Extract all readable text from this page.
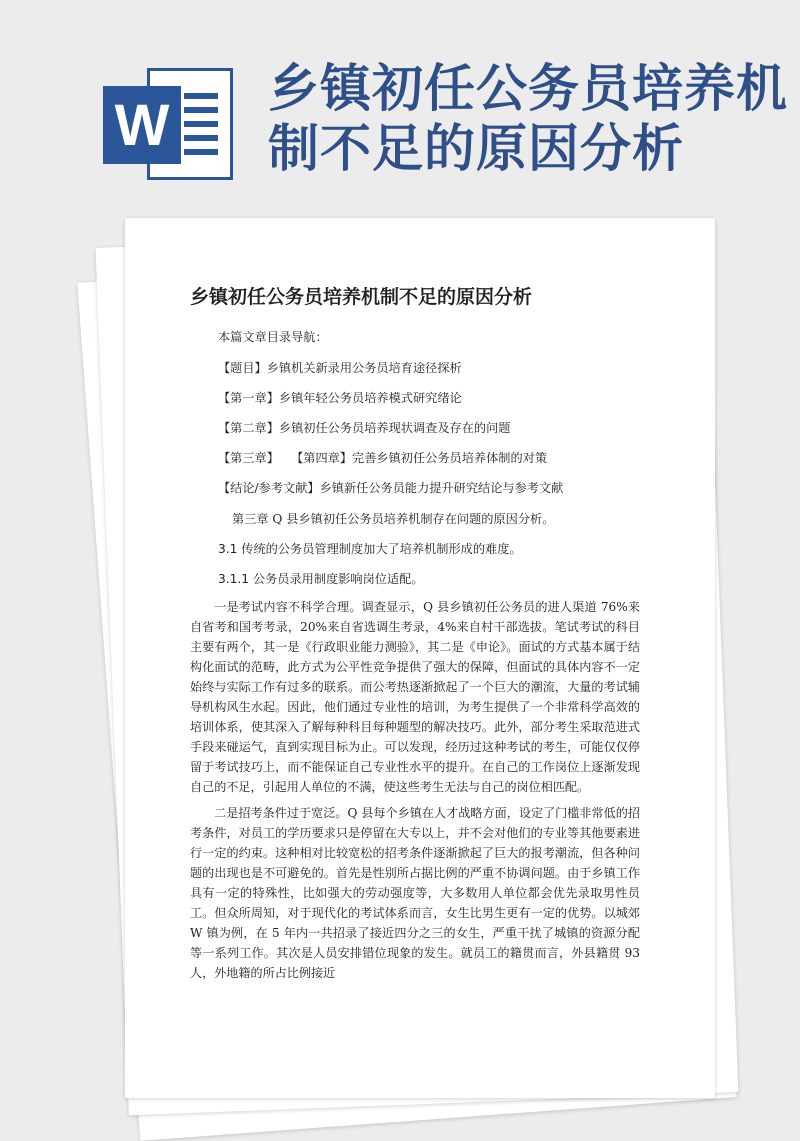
W
乡镇初任公务员培养机制不足的原因分析
乡镇初任公务员培养机制不足的原因分析

本篇文章目录导航：

【题目】乡镇机关新录用公务员培育途径探析

【第一章】乡镇年轻公务员培养模式研究绪论

【第二章】乡镇初任公务员培养现状调查及存在的问题

【第三章】　　【第四章】完善乡镇初任公务员培养体制的对策

【结论/参考文献】乡镇新任公务员能力提升研究结论与参考文献

第三章 Q 县乡镇初任公务员培养机制存在问题的原因分析。

3.1 传统的公务员管理制度加大了培养机制形成的难度。

3.1.1 公务员录用制度影响岗位适配。

一是考试内容不科学合理。调查显示，Q 县乡镇初任公务员的进人渠道 76%来自省考和国考考录，20%来自省选调生考录，4%来自村干部选拔。笔试考试的科目主要有两个，其一是《行政职业能力测验》，其二是《申论》。面试的方式基本属于结构化面试的范畴，此方式为公平性竞争提供了强大的保障，但面试的具体内容不一定始终与实际工作有过多的联系。而公考热逐渐掀起了一个巨大的潮流，大量的考试辅导机构风生水起。因此，他们通过专业性的培训，为考生提供了一个非常科学高效的培训体系，使其深入了解每种科目每种题型的解决技巧。此外，部分考生采取范进式手段来碰运气，直到实现目标为止。可以发现，经历过这种考试的考生，可能仅仅停留于考试技巧上，而不能保证自己专业性水平的提升。在自己的工作岗位上逐渐发现自己的不足，引起用人单位的不满，使这些考生无法与自己的岗位相匹配。

二是招考条件过于宽泛。Q 县每个乡镇在人才战略方面，设定了门槛非常低的招考条件，对员工的学历要求只是停留在大专以上，并不会对他们的专业等其他要素进行一定的约束。这种相对比较宽松的招考条件逐渐掀起了巨大的报考潮流，但各种问题的出现也是不可避免的。首先是性别所占据比例的严重不协调问题。由于乡镇工作具有一定的特殊性，比如强大的劳动强度等，大多数用人单位都会优先录取男性员工。但众所周知，对于现代化的考试体系而言，女生比男生更有一定的优势。以城郊 W 镇为例，在 5 年内一共招录了接近四分之三的女生，严重干扰了城镇的资源分配等一系列工作。其次是人员安排错位现象的发生。就员工的籍贯而言，外县籍贯 93 人，外地籍的所占比例接近
